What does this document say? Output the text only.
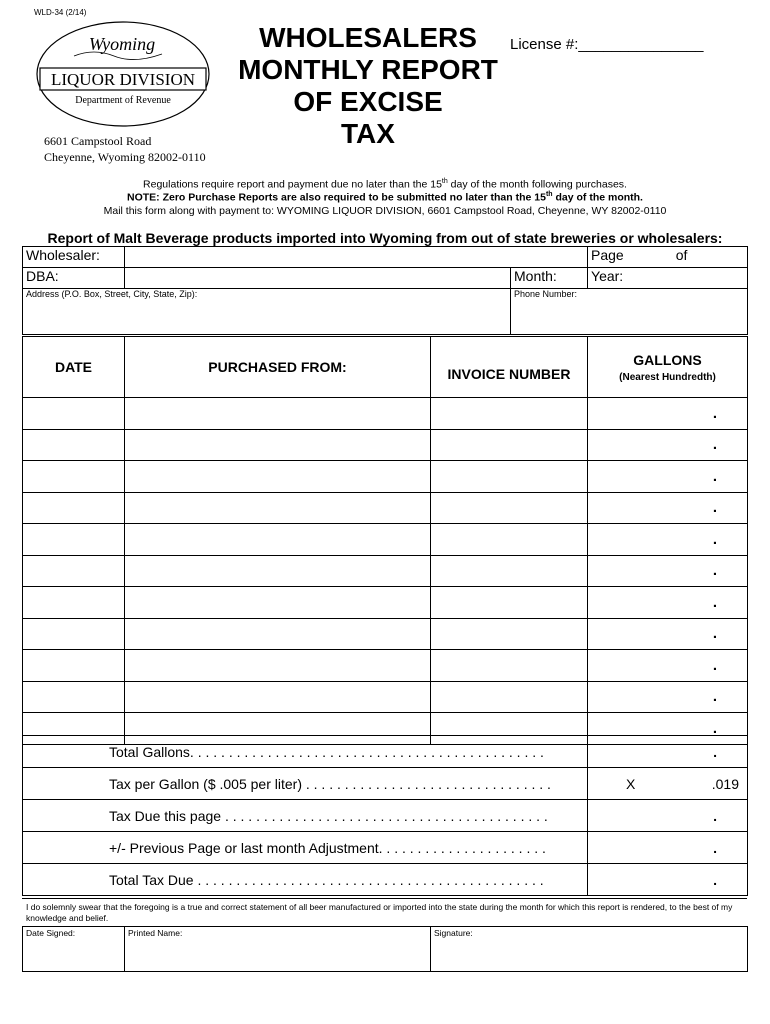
WLD-34 (2/14)
Wyoming
LIQUOR DIVISION
Department of Revenue
6601 Campstool Road
Cheyenne, Wyoming 82002-0110
WHOLESALERS
MONTHLY REPORT
OF EXCISE
TAX
License #:_______________
Regulations require report and payment due no later than the 15th day of the month following purchases.
NOTE: Zero Purchase Reports are also required to be submitted no later than the 15th day of the month.
Mail this form along with payment to: WYOMING LIQUOR DIVISION, 6601 Campstool Road, Cheyenne, WY 82002-0110
Report of Malt Beverage products imported into Wyoming from out of state breweries or wholesalers:
Wholesaler:			Page of
DBA:		Month:	Year:
Address (P.O. Box, Street, City, State, Zip):		Phone Number:	
DATE	PURCHASED FROM:	INVOICE NUMBER	GALLONS
(Nearest Hundredth)

			.
			.
			.
			.
			.
			.
			.
			.
			.
			.
			.
Total Gallons. . . . . . . . . . . . . . . . . . . . . . . . . . . . . . . . . . . . . . . . . . . . . .	.
Tax per Gallon ($ .005 per liter) . . . . . . . . . . . . . . . . . . . . . . . . . . . . . . . .	X .019

Tax Due this page . . . . . . . . . . . . . . . . . . . . . . . . . . . . . . . . . . . . . . . . . .	.
+/- Previous Page or last month Adjustment. . . . . . . . . . . . . . . . . . . . . .	.
Total Tax Due . . . . . . . . . . . . . . . . . . . . . . . . . . . . . . . . . . . . . . . . . . . . .	.
I do solemnly swear that the foregoing is a true and correct statement of all beer manufactured or imported into the state during the month for which this report is rendered, to the best of my knowledge and belief.
Date Signed:	Printed Name:	Signature:
